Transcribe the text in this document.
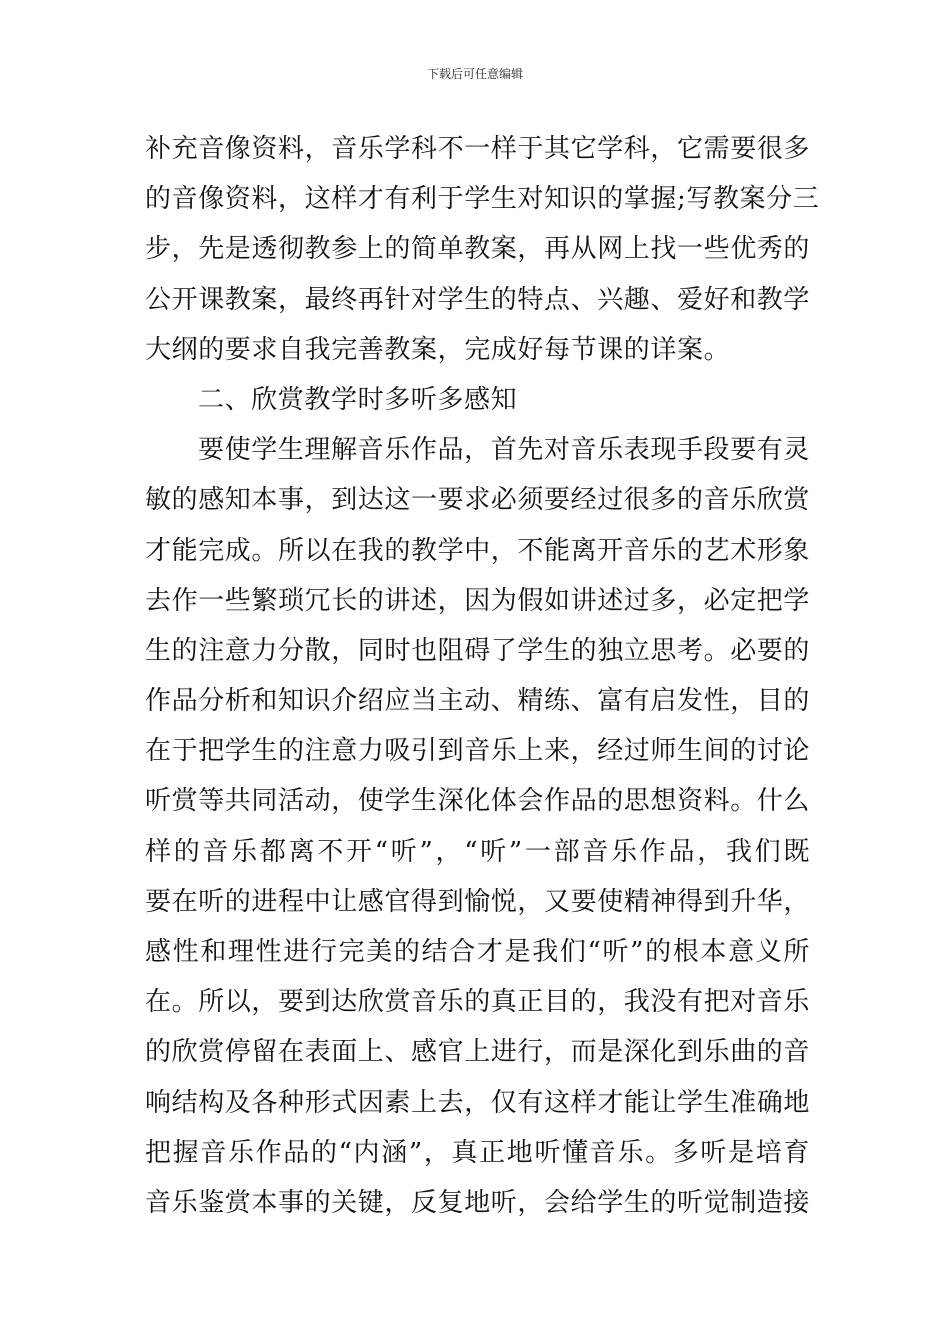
下载后可任意编辑
补充音像资料，音乐学科不一样于其它学科，它需要很多
的音像资料，这样才有利于学生对知识的掌握;写教案分三
步，先是透彻教参上的简单教案，再从网上找一些优秀的
公开课教案，最终再针对学生的特点、兴趣、爱好和教学
大纲的要求自我完善教案，完成好每节课的详案。
二、欣赏教学时多听多感知
要使学生理解音乐作品，首先对音乐表现手段要有灵
敏的感知本事，到达这一要求必须要经过很多的音乐欣赏
才能完成。所以在我的教学中，不能离开音乐的艺术形象
去作一些繁琐冗长的讲述，因为假如讲述过多，必定把学
生的注意力分散，同时也阻碍了学生的独立思考。必要的
作品分析和知识介绍应当主动、精练、富有启发性，目的
在于把学生的注意力吸引到音乐上来，经过师生间的讨论
听赏等共同活动，使学生深化体会作品的思想资料。什么
样的音乐都离不开“听”，“听”一部音乐作品，我们既
要在听的进程中让感官得到愉悦，又要使精神得到升华，
感性和理性进行完美的结合才是我们“听”的根本意义所
在。所以，要到达欣赏音乐的真正目的，我没有把对音乐
的欣赏停留在表面上、感官上进行，而是深化到乐曲的音
响结构及各种形式因素上去，仅有这样才能让学生准确地
把握音乐作品的“内涵”，真正地听懂音乐。多听是培育
音乐鉴赏本事的关键，反复地听，会给学生的听觉制造接
